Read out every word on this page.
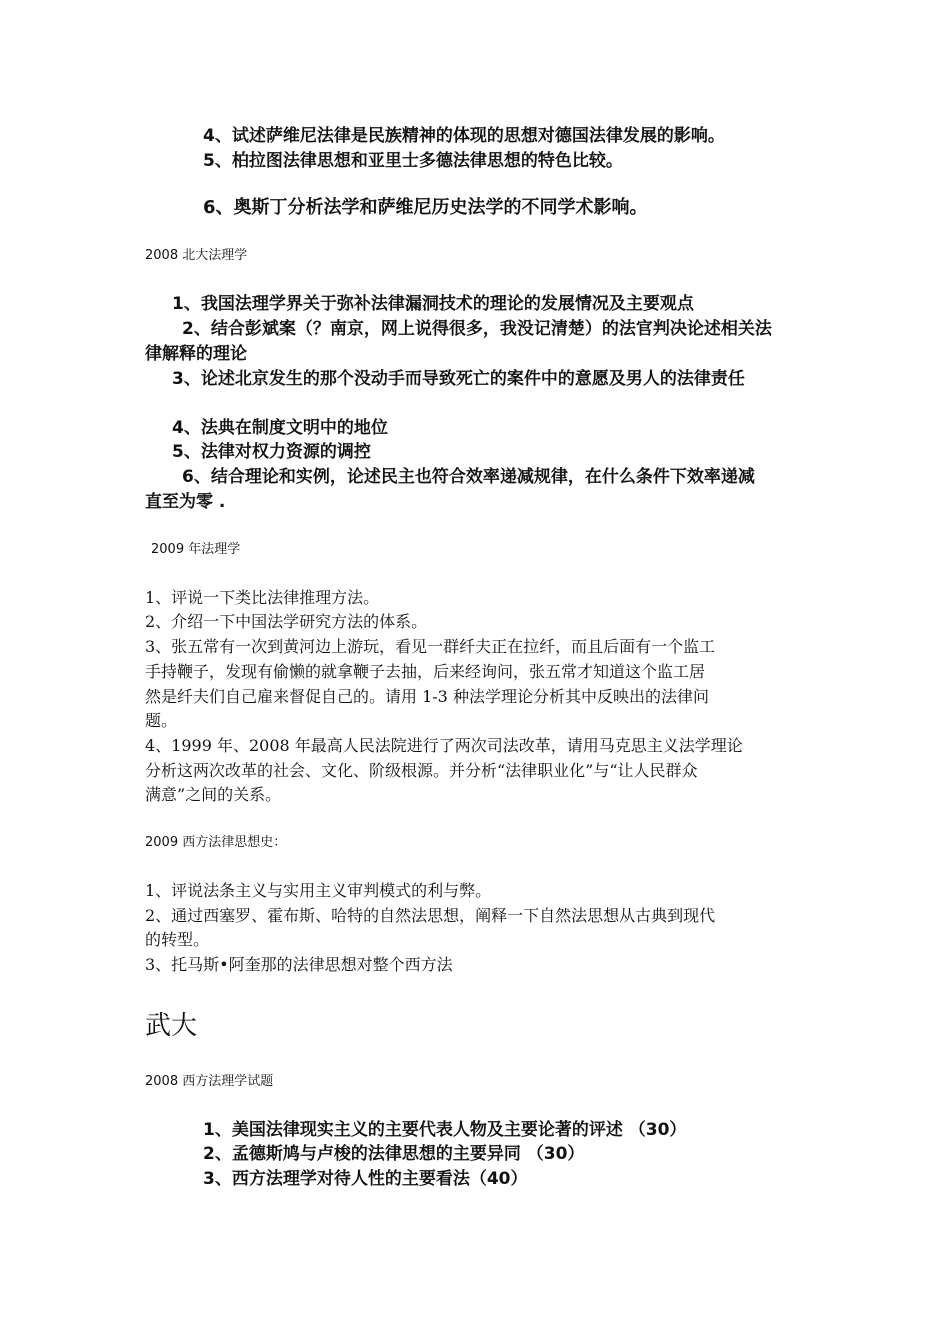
4、试述萨维尼法律是民族精神的体现的思想对德国法律发展的影响。
5、柏拉图法律思想和亚里士多德法律思想的特色比较。
6、奥斯丁分析法学和萨维尼历史法学的不同学术影响。
2008 北大法理学
1、我国法理学界关于弥补法律漏洞技术的理论的发展情况及主要观点
2、结合彭斌案（？南京，网上说得很多，我没记清楚）的法官判决论述相关法
律解释的理论
3、论述北京发生的那个没动手而导致死亡的案件中的意愿及男人的法律责任
4、法典在制度文明中的地位
5、法律对权力资源的调控
6、结合理论和实例，论述民主也符合效率递减规律，在什么条件下效率递减
直至为零 .
2009 年法理学
1、评说一下类比法律推理方法。
2、介绍一下中国法学研究方法的体系。
3、张五常有一次到黄河边上游玩，看见一群纤夫正在拉纤，而且后面有一个监工
手持鞭子，发现有偷懒的就拿鞭子去抽，后来经询问，张五常才知道这个监工居
然是纤夫们自己雇来督促自己的。请用 1-3 种法学理论分析其中反映出的法律问
题。
4、1999 年、2008 年最高人民法院进行了两次司法改革，请用马克思主义法学理论
分析这两次改革的社会、文化、阶级根源。并分析“法律职业化”与“让人民群众
满意”之间的关系。
2009 西方法律思想史：
1、评说法条主义与实用主义审判模式的利与弊。
2、通过西塞罗、霍布斯、哈特的自然法思想，阐释一下自然法思想从古典到现代
的转型。
3、托马斯•阿奎那的法律思想对整个西方法
武大
2008 西方法理学试题
1、美国法律现实主义的主要代表人物及主要论著的评述 （30）
2、孟德斯鸠与卢梭的法律思想的主要异同 （30）
3、西方法理学对待人性的主要看法（40）
